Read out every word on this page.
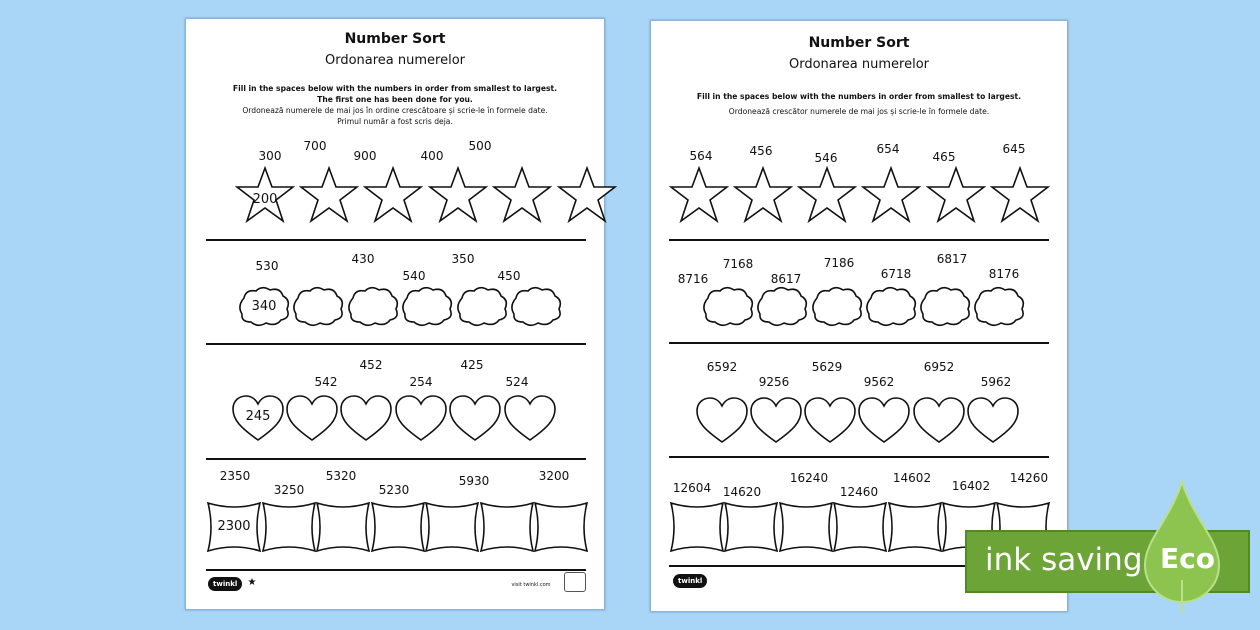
Number Sort
Ordonarea numerelor
Fill in the spaces below with the numbers in order from smallest to largest.
The first one has been done for you.
Ordonează numerele de mai jos în ordine crescătoare și scrie-le în formele date.
Primul număr a fost scris deja.
300
700
900	400
500
200
530	430
540
350
450
340
542
452
254
425
524
245
2350
3250
5320
5230
5930	3200
2300
twinkl	★	visit twinkl.com
Number Sort
Ordonarea numerelor
Fill in the spaces below with the numbers in order from smallest to largest.
Ordonează crescător numerele de mai jos și scrie-le în formele date.
564	456	546
654
465
645
8716
7168
8617
7186
6718
6817
8176
6592
9256
5629
9562
6952
5962
12604 14620
16240
12460
14602
16402
14260
twinkl
ink saving Eco
